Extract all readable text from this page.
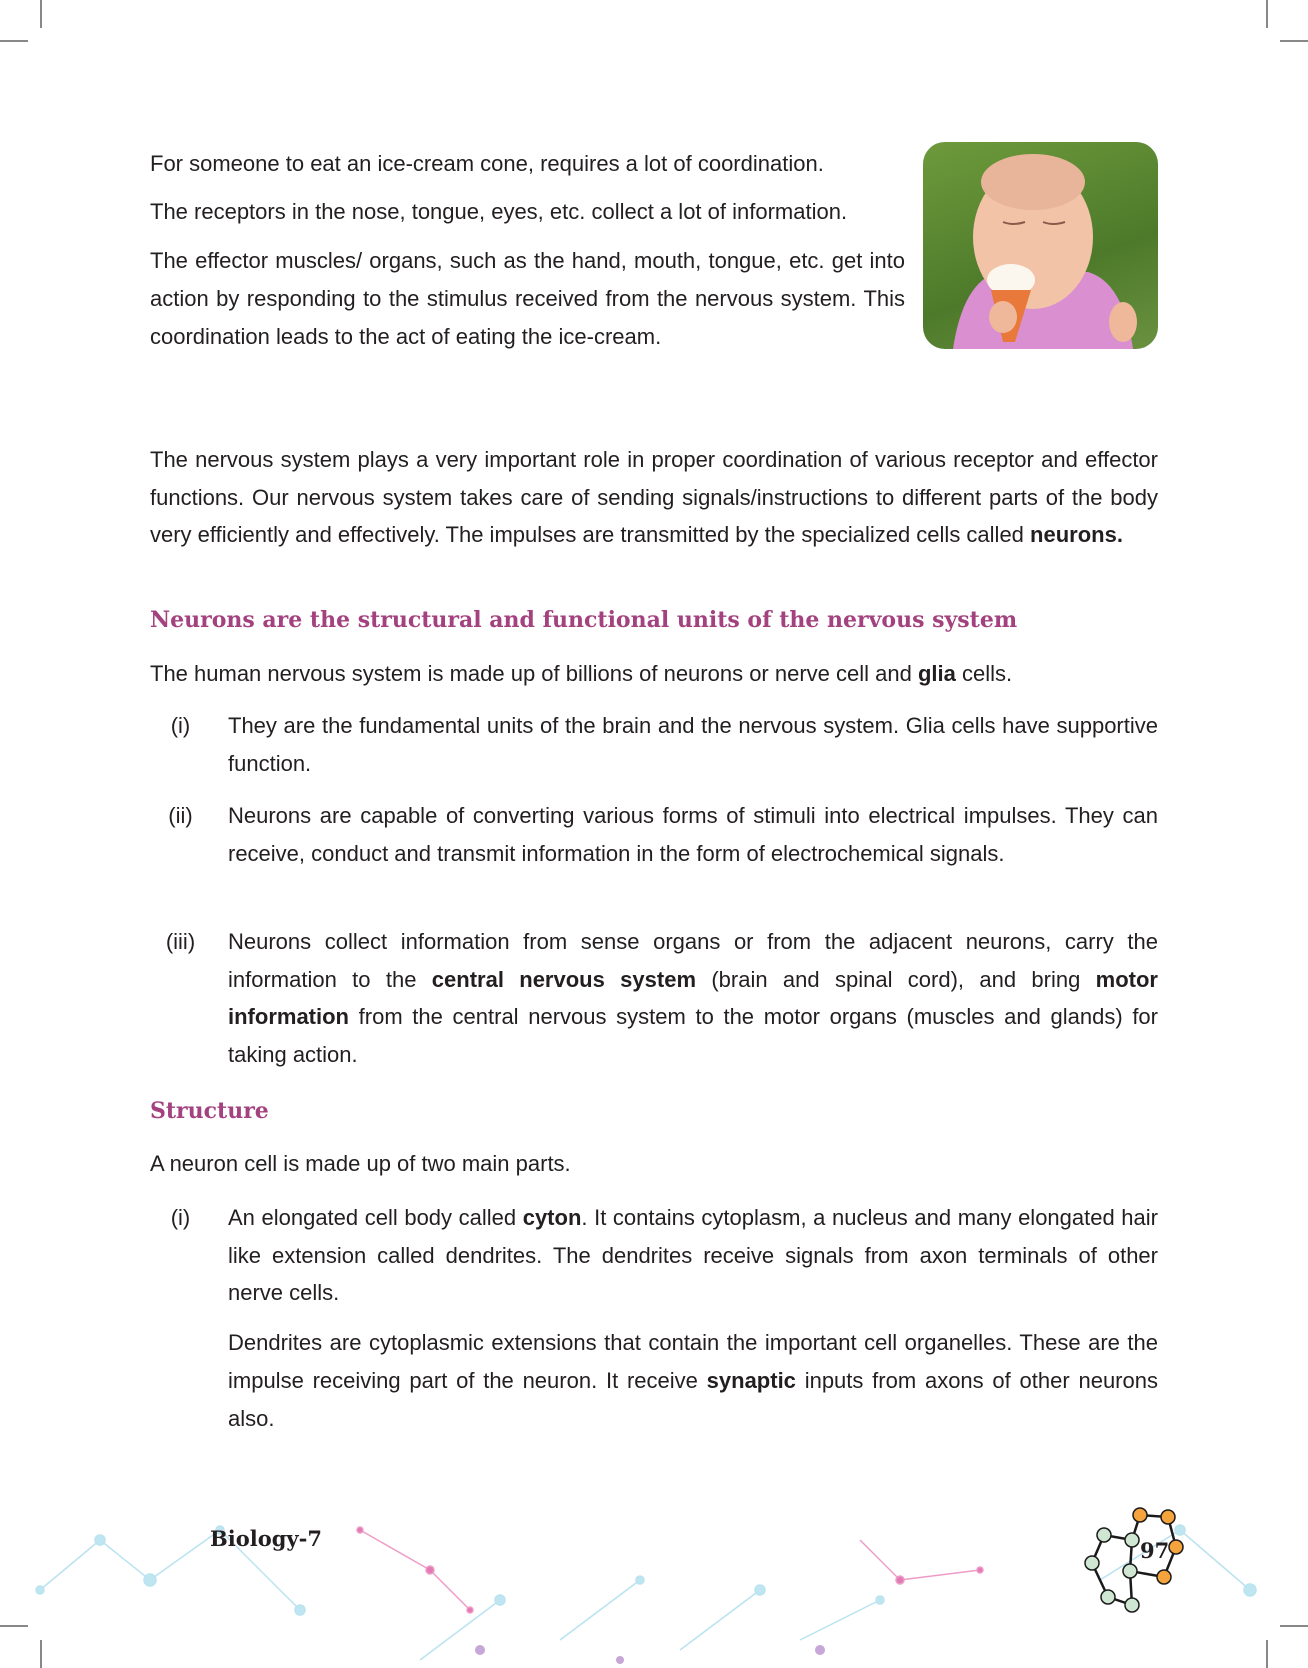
For someone to eat an ice-cream cone, requires a lot of coordination.

The receptors in the nose, tongue, eyes, etc. collect a lot of information.

The effector muscles/ organs, such as the hand, mouth, tongue, etc. get into action by responding to the stimulus received from the nervous system. This coordination leads to the act of eating the ice-cream.

The nervous system plays a very important role in proper coordination of various receptor and effector functions. Our nervous system takes care of sending signals/instructions to different parts of the body very efficiently and effectively. The impulses are transmitted by the specialized cells called neurons.

Neurons are the structural and functional units of the nervous system

The human nervous system is made up of billions of neurons or nerve cell and glia cells.

(i)	They are the fundamental units of the brain and the nervous system. Glia cells have supportive function.
(ii)	Neurons are capable of converting various forms of stimuli into electrical impulses. They can receive, conduct and transmit information in the form of electrochemical signals.
(iii)	Neurons collect information from sense organs or from the adjacent neurons, carry the information to the central nervous system (brain and spinal cord), and bring motor information from the central nervous system to the motor organs (muscles and glands) for taking action.
Structure

A neuron cell is made up of two main parts.

(i)	An elongated cell body called cyton. It contains cytoplasm, a nucleus and many elongated hair like extension called dendrites. The dendrites receive signals from axon terminals of other nerve cells.
Dendrites are cytoplasmic extensions that contain the important cell organelles. These are the impulse receiving part of the neuron. It receive synaptic inputs from axons of other neurons also.
Biology-7	97
